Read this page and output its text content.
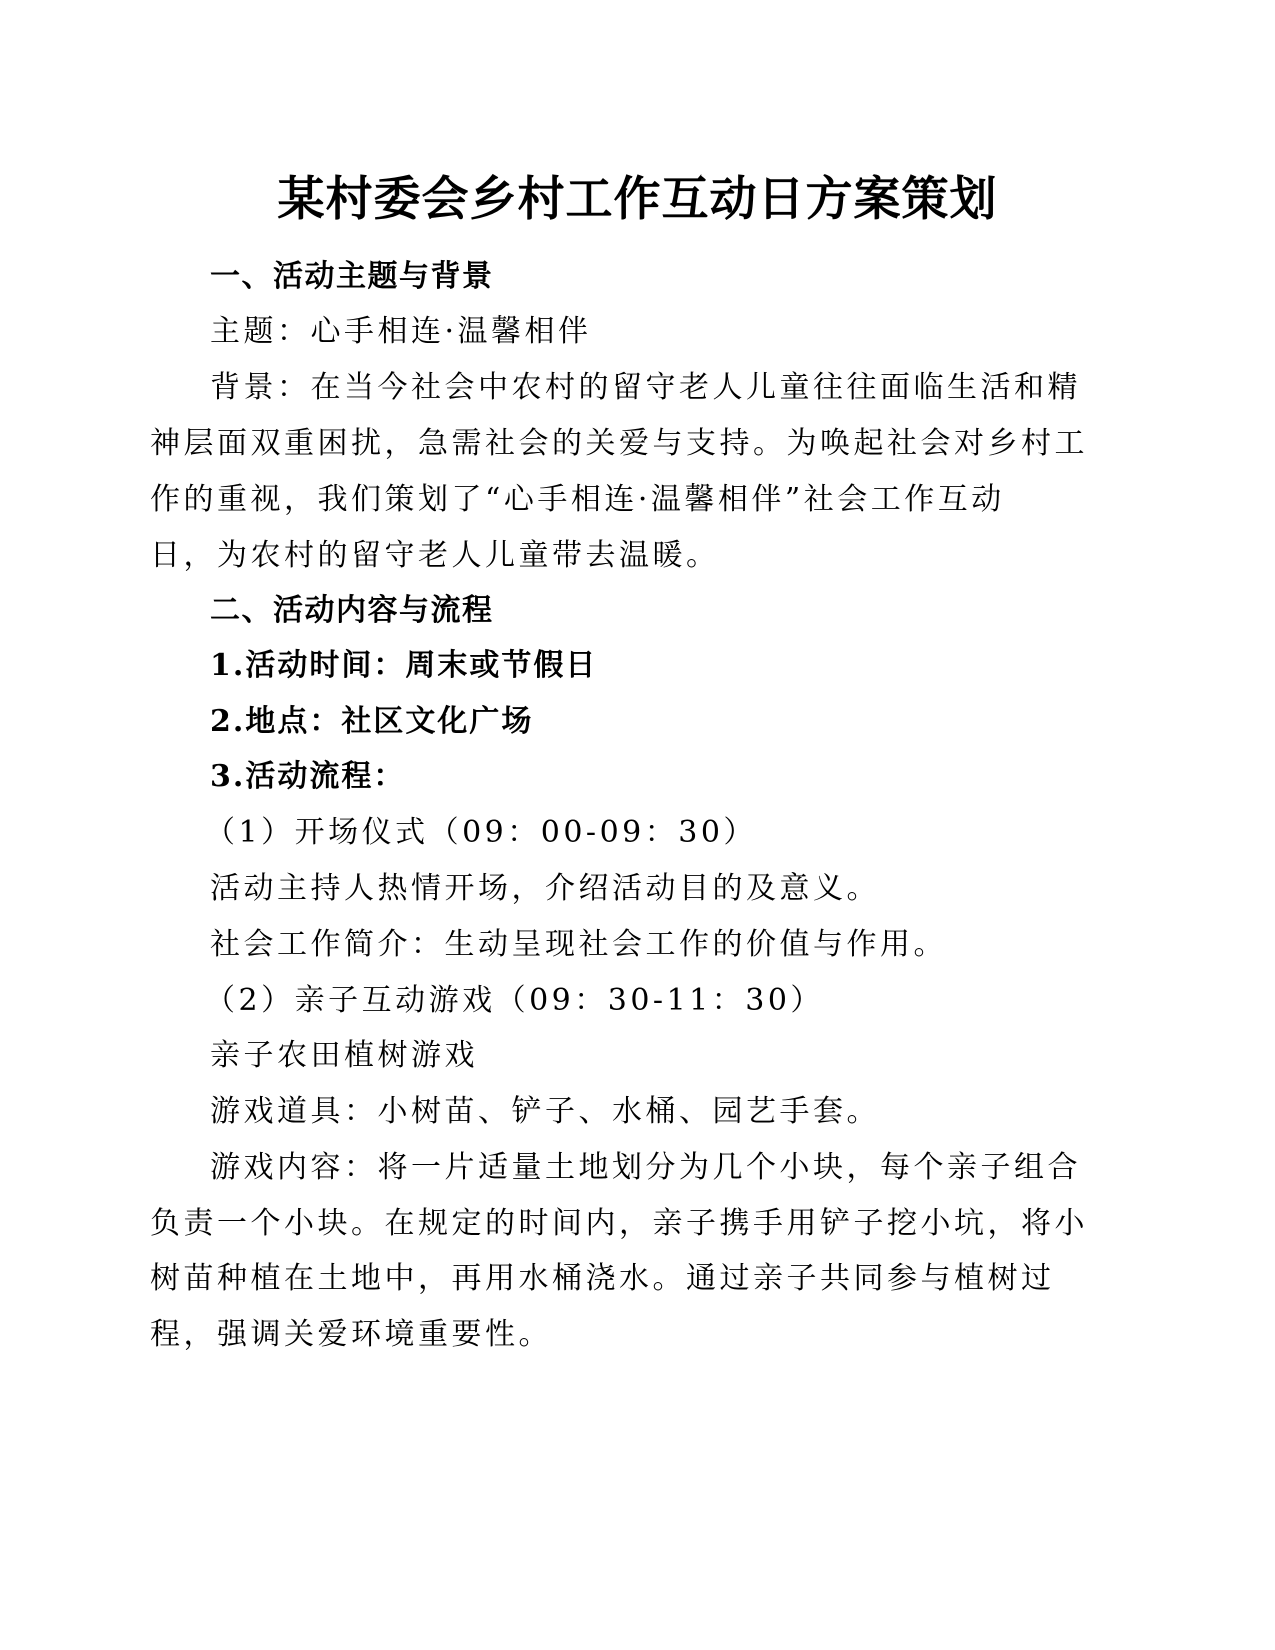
某村委会乡村工作互动日方案策划
一、活动主题与背景
主题：心手相连·温馨相伴
背景：在当今社会中农村的留守老人儿童往往面临生活和精
神层面双重困扰，急需社会的关爱与支持。为唤起社会对乡村工
作的重视，我们策划了“心手相连·温馨相伴”社会工作互动
日，为农村的留守老人儿童带去温暖。
二、活动内容与流程
1.活动时间：周末或节假日
2.地点：社区文化广场
3.活动流程：
（1）开场仪式（09：00-09：30）
活动主持人热情开场，介绍活动目的及意义。
社会工作简介：生动呈现社会工作的价值与作用。
（2）亲子互动游戏（09：30-11：30）
亲子农田植树游戏
游戏道具：小树苗、铲子、水桶、园艺手套。
游戏内容：将一片适量土地划分为几个小块，每个亲子组合
负责一个小块。在规定的时间内，亲子携手用铲子挖小坑，将小
树苗种植在土地中，再用水桶浇水。通过亲子共同参与植树过
程，强调关爱环境重要性。
